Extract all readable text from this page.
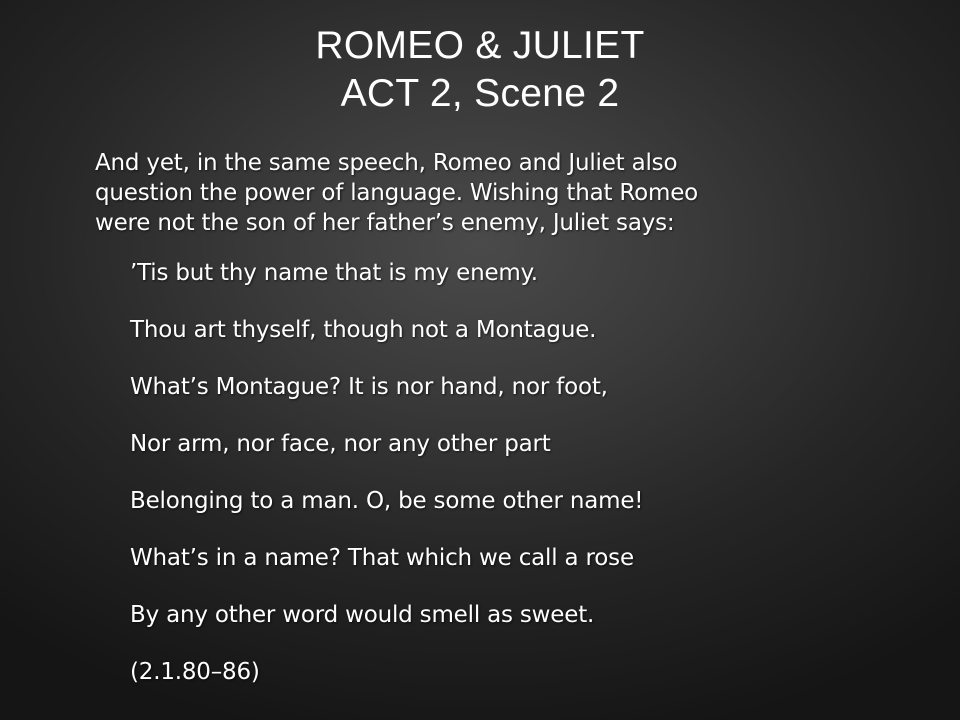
ROMEO & JULIET
ACT 2, Scene 2

And yet, in the same speech, Romeo and Juliet also
question the power of language. Wishing that Romeo
were not the son of her father’s enemy, Juliet says:

’Tis but thy name that is my enemy.
Thou art thyself, though not a Montague.
What’s Montague? It is nor hand, nor foot,
Nor arm, nor face, nor any other part
Belonging to a man. O, be some other name!
What’s in a name? That which we call a rose
By any other word would smell as sweet.
(2.1.80–86)
